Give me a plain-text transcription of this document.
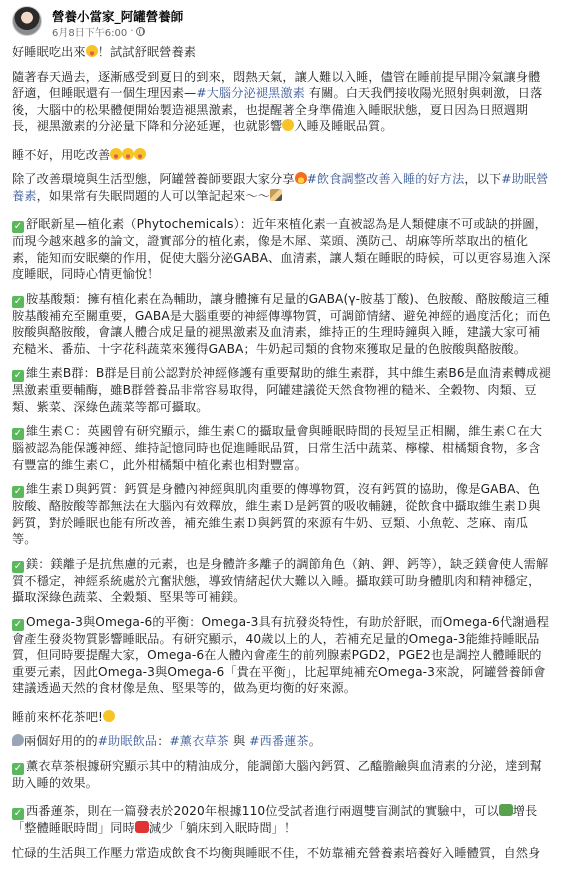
營養小當家_阿罐營養師
6月8日下午6:00 ·

好睡眠吃出來 ！試試舒眠營養素

隨著春天過去，逐漸感受到夏日的到來，悶熱天氣，讓人難以入睡，儘管在睡前提早開冷氣讓身體舒適，但睡眠還有一個生理因素—#大腦分泌褪黑激素 有關。白天我們接收陽光照射與刺激，日落後，大腦中的松果體便開始製造褪黑激素，也提醒著全身準備進入睡眠狀態，夏日因為日照週期長，褪黑激素的分泌量下降和分泌延遲，也就影響 入睡及睡眠品質。

睡不好，用吃改善

除了改善環境與生活型態，阿罐營養師要跟大家分享 #飲食調整改善入睡的好方法，以下#助眠營養素，如果常有失眠問題的人可以筆記起來～～

✓ 舒眠新星—植化素（Phytochemicals）：近年來植化素一直被認為是人類健康不可或缺的拼圖，而現今越來越多的論文，證實部分的植化素，像是木犀、菜頭、漢防己、胡麻等所萃取出的植化素，能知而安眠藥的作用，促使大腦分泌GABA、血清素，讓人類在睡眠的時候，可以更容易進入深度睡眠，同時心情更愉悅！

✓ 胺基酸類：擁有植化素在為輔助，讓身體擁有足量的GABA(γ-胺基丁酸)、色胺酸、酪胺酸這三種胺基酸補充至關重要，GABA是大腦重要的神經傳導物質，可調節情緒、避免神經的過度活化；而色胺酸與酪胺酸，會讓人體合成足量的褪黑激素及血清素，維持正的生理時鐘與入睡，建議大家可補充糙米、番茄、十字花科蔬菜來獲得GABA；牛奶起司類的食物來獲取足量的色胺酸與酪胺酸。

✓ 維生素B群：B群是目前公認對於神經修護有重要幫助的維生素群，其中維生素B6是血清素轉成褪黑激素重要輔酶，雖B群營養品非常容易取得，阿罐建議從天然食物裡的糙米、全穀物、肉類、豆類、紫菜、深綠色蔬菜等都可攝取。

✓ 維生素Ｃ：英國曾有研究顯示，維生素Ｃ的攝取量會與睡眠時間的長短呈正相關，維生素Ｃ在大腦被認為能保護神經、維持記憶同時也促進睡眠品質，日常生活中蔬菜、檸檬、柑橘類食物，多含有豐富的維生素Ｃ，此外柑橘類中植化素也相對豐富。

✓ 維生素Ｄ與鈣質：鈣質是身體內神經與肌肉重要的傳導物質，沒有鈣質的協助，像是GABA、色胺酸、酪胺酸等都無法在大腦內有效釋放，維生素Ｄ是鈣質的吸收輔鏈，從飲食中攝取維生素Ｄ與鈣質，對於睡眠也能有所改善，補充維生素Ｄ與鈣質的來源有牛奶、豆類、小魚乾、芝麻、南瓜等。

✓ 鎂：鎂離子是抗焦慮的元素，也是身體許多離子的調節角色（鈉、鉀、鈣等），缺乏鎂會使人需解質不穩定，神經系統處於亢奮狀態，導致情緒起伏大難以入睡。攝取鎂可助身體肌肉和精神穩定，攝取深綠色蔬菜、全穀類、堅果等可補鎂。

✓ Omega-3與Omega-6的平衡：Omega-3具有抗發炎特性，有助於舒眠，而Omega-6代謝過程會產生發炎物質影響睡眠品。有研究顯示，40歲以上的人，若補充足量的Omega-3能維持睡眠品質，但同時要提醒大家，Omega-6在人體內會產生的前列腺素PGD2，PGE2也是調控人體睡眠的重要元素，因此Omega-3與Omega-6「貴在平衡」，比起單純補充Omega-3來說，阿罐營養師會建議透過天然的食材像是魚、堅果等的，做為更均衡的好來源。

睡前來杯花茶吧!

兩個好用的的#助眠飲品：#薰衣草茶 與 #西番蓮茶。

✓ 薰衣草茶根據研究顯示其中的精油成分，能調節大腦內鈣質、乙醯膽鹼與血清素的分泌，達到幫助入睡的效果。

✓ 西番蓮茶，則在一篇發表於2020年根據110位受試者進行兩週雙盲測試的實驗中，可以 增長「整體睡眠時間」同時 減少「躺床到入眠時間」！

忙碌的生活與工作壓力常造成飲食不均衡與睡眠不佳，不妨靠補充營養素培養好入睡體質，自然身
